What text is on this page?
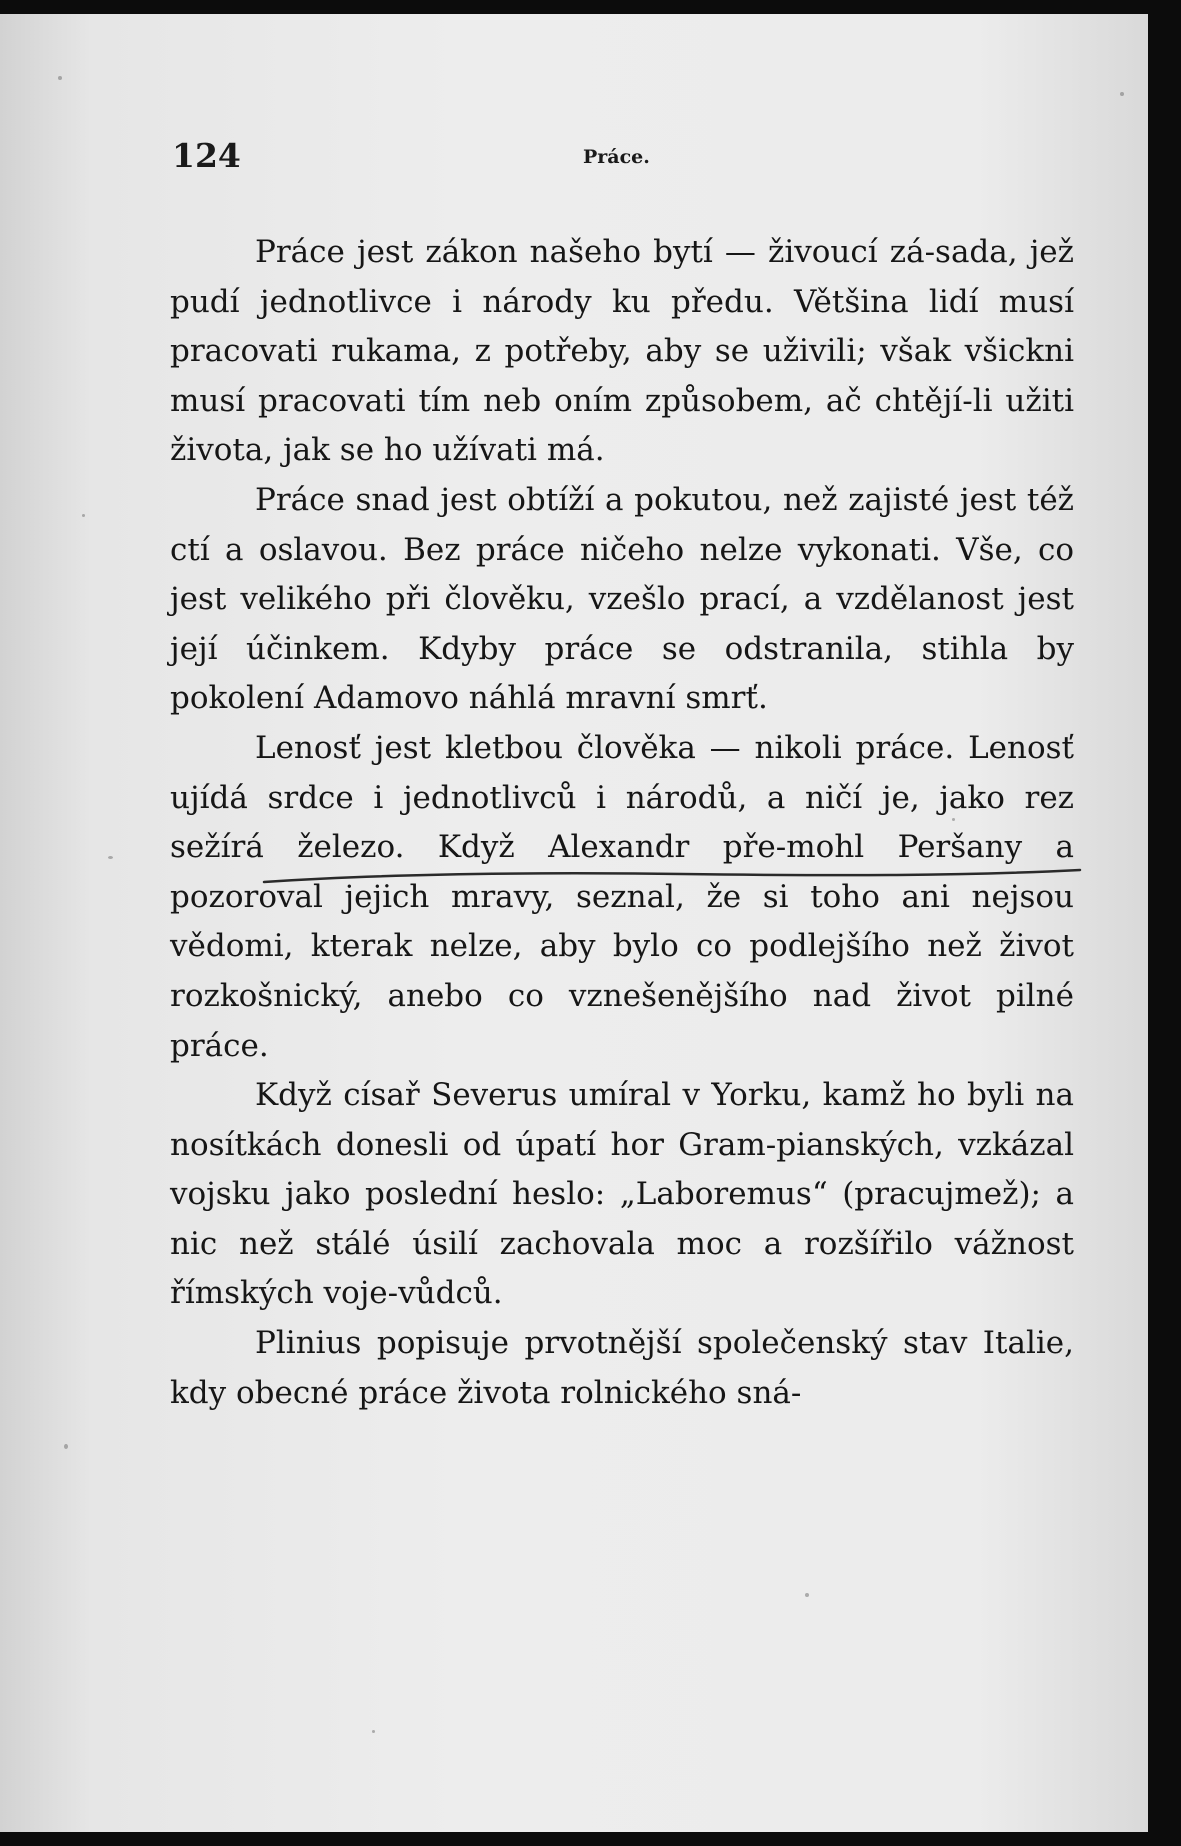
124	Práce.

Práce jest zákon našeho bytí — živoucí zá-sada, jež pudí jednotlivce i národy ku předu. Většina lidí musí pracovati rukama, z potřeby, aby se uživili; však všickni musí pracovati tím neb oním způsobem, ač chtějí-li užiti života, jak se ho užívati má.

Práce snad jest obtíží a pokutou, než zajisté jest též ctí a oslavou. Bez práce ničeho nelze vykonati. Vše, co jest velikého při člověku, vzešlo prací, a vzdělanost jest její účinkem. Kdyby práce se odstranila, stihla by pokolení Adamovo náhlá mravní smrť.

Lenosť jest kletbou člověka — nikoli práce. Lenosť ujídá srdce i jednotlivců i národů, a ničí je, jako rez sežírá železo. Když Alexandr pře-mohl Peršany a pozoroval jejich mravy, seznal, že si toho ani nejsou vědomi, kterak nelze, aby bylo co podlejšího než život rozkošnický, anebo co vznešenějšího nad život pilné práce.

Když císař Severus umíral v Yorku, kamž ho byli na nosítkách donesli od úpatí hor Gram-pianských, vzkázal vojsku jako poslední heslo: „Laboremus“ (pracujmež); a nic než stálé úsilí zachovala moc a rozšířilo vážnost římských voje-vůdců.

Plinius popisuje prvotnější společenský stav Italie, kdy obecné práce života rolnického sná-
